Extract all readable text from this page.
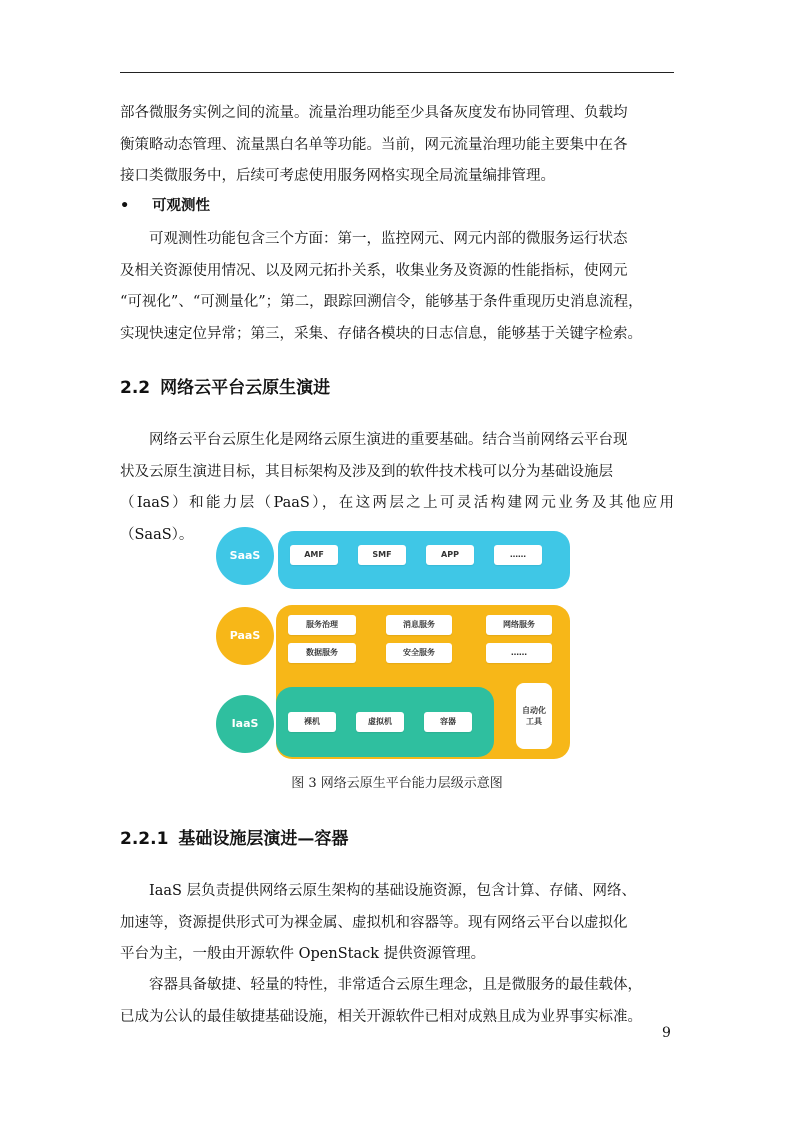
部各微服务实例之间的流量。流量治理功能至少具备灰度发布协同管理、负载均
衡策略动态管理、流量黑白名单等功能。当前，网元流量治理功能主要集中在各
接口类微服务中，后续可考虑使用服务网格实现全局流量编排管理。
• 可观测性
可观测性功能包含三个方面：第一，监控网元、网元内部的微服务运行状态
及相关资源使用情况、以及网元拓扑关系，收集业务及资源的性能指标，使网元
“可视化”、“可测量化”；第二，跟踪回溯信令，能够基于条件重现历史消息流程，
实现快速定位异常；第三，采集、存储各模块的日志信息，能够基于关键字检索。
2.2 网络云平台云原生演进
网络云平台云原生化是网络云原生演进的重要基础。结合当前网络云平台现
状及云原生演进目标，其目标架构及涉及到的软件技术栈可以分为基础设施层
（IaaS）和能力层（PaaS），在这两层之上可灵活构建网元业务及其他应用（SaaS）。
SaaS	AMF	SMF	APP	……
PaaS
服务治理	消息服务	网络服务
数据服务	安全服务	……
IaaS	裸机	虚拟机	容器
自动化工具
图 3 网络云原生平台能力层级示意图
2.2.1 基础设施层演进—容器
IaaS 层负责提供网络云原生架构的基础设施资源，包含计算、存储、网络、
加速等，资源提供形式可为裸金属、虚拟机和容器等。现有网络云平台以虚拟化
平台为主，一般由开源软件 OpenStack 提供资源管理。
容器具备敏捷、轻量的特性，非常适合云原生理念，且是微服务的最佳载体，
已成为公认的最佳敏捷基础设施，相关开源软件已相对成熟且成为业界事实标准。
9
